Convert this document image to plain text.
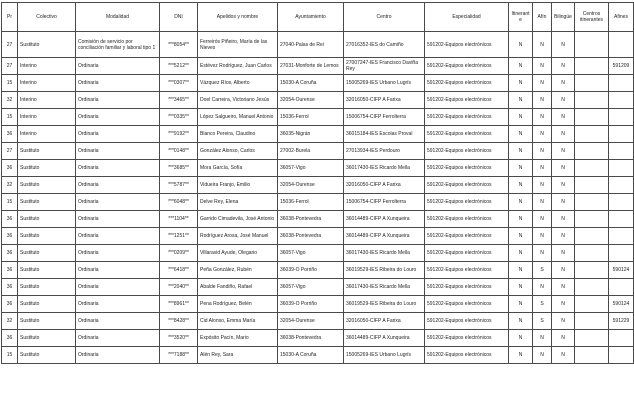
Pr	Colectivo	Modalidad	DNI	Apelidos y nombre	Ayuntamiento	Centro	Especialidad	Itinerante	Afín	Bilingüe	Centros itinerantes	Afines
27	Sustituto	Comisión de servicio por conciliación familiar y laboral tipo 1	***8054**	Ferreirós Piñeiro, María de las Nieves	27040-Palas de Rei	27016352-IES do Camiño	591202-Equipos electrónicos	N	N	N		
27	Interino	Ordinaria	***5212**	Estévez Rodríguez, Juan Carlos	27031-Monforte de Lemos	27007247-IES Francisco Daviña Rey	591202-Equipos electrónicos	N	N	N		591209
15	Interino	Ordinaria	***0307**	Vázquez Ríos, Alberto	15030-A Coruña	15005269-IES Urbano Lugrís	591202-Equipos electrónicos	N	N	N		
32	Interino	Ordinaria	***3465**	Doel Carreira, Victoriano Jesús	32054-Ourense	32016050-CIFP A Farixa	591202-Equipos electrónicos	N	N	N		
15	Interino	Ordinaria	***0335**	López Salgueiro, Manuel Antonio	15036-Ferrol	15006754-CIFP Ferrolterra	591202-Equipos electrónicos	N	N	N		
36	Interino	Ordinaria	***9192**	Blanco Pereira, Claudino	36035-Nigrán	36015184-IES Escolas Proval	591202-Equipos electrónicos	N	N	N		
27	Sustituto	Ordinaria	***0148**	González Alonso, Carlos	27002-Burela	27013934-IES Perdouro	591202-Equipos electrónicos	N	N	N		
36	Sustituto	Ordinaria	***3685**	Mora García, Sofía	36057-Vigo	36017430-IES Ricardo Mella	591202-Equipos electrónicos	N	N	N		
32	Sustituto	Ordinaria	***5787**	Vidueira Franjo, Emilio	32054-Ourense	32016050-CIFP A Farixa	591202-Equipos electrónicos	N	N	N		
15	Sustituto	Ordinaria	***6048**	Delve Rey, Elena	15036-Ferrol	15006754-CIFP Ferrolterra	591202-Equipos electrónicos	N	N	N		
36	Sustituto	Ordinaria	***1104**	Garrido Cimadevila, José Antonio	36038-Pontevedra	36014489-CIFP A Xunqueira	591202-Equipos electrónicos	N	N	N		
36	Sustituto	Ordinaria	***1251**	Rodríguez Arosa, José Manuel	36038-Pontevedra	36014489-CIFP A Xunqueira	591202-Equipos electrónicos	N	N	N		
36	Sustituto	Ordinaria	***0209**	Villaravid Ayude, Olegario	36057-Vigo	36017430-IES Ricardo Mella	591202-Equipos electrónicos	N	N	N		
36	Sustituto	Ordinaria	***6418**	Peña González, Rubén	36039-O Porriño	36019529-IES Ribeira do Louro	591202-Equipos electrónicos	N	S	N		590124
36	Sustituto	Ordinaria	***2040**	Abalde Fandiño, Rafael	36057-Vigo	36017430-IES Ricardo Mella	591202-Equipos electrónicos	N	N	N		
36	Sustituto	Ordinaria	***8961**	Pena Rodríguez, Belén	36039-O Porriño	36019529-IES Ribeira do Louro	591202-Equipos electrónicos	N	S	N		590124
32	Sustituto	Ordinaria	***8428**	Cid Alonso, Emma María	32054-Ourense	32016050-CIFP A Farixa	591202-Equipos electrónicos	N	S	N		591229
36	Sustituto	Ordinaria	***3520**	Expósito Pacín, Mario	36038-Pontevedra	36014489-CIFP A Xunqueira	591202-Equipos electrónicos	N	N	N		
15	Sustituto	Ordinaria	***7188**	Alén Rey, Sara	15030-A Coruña	15005269-IES Urbano Lugrís	591202-Equipos electrónicos	N	N	N		
